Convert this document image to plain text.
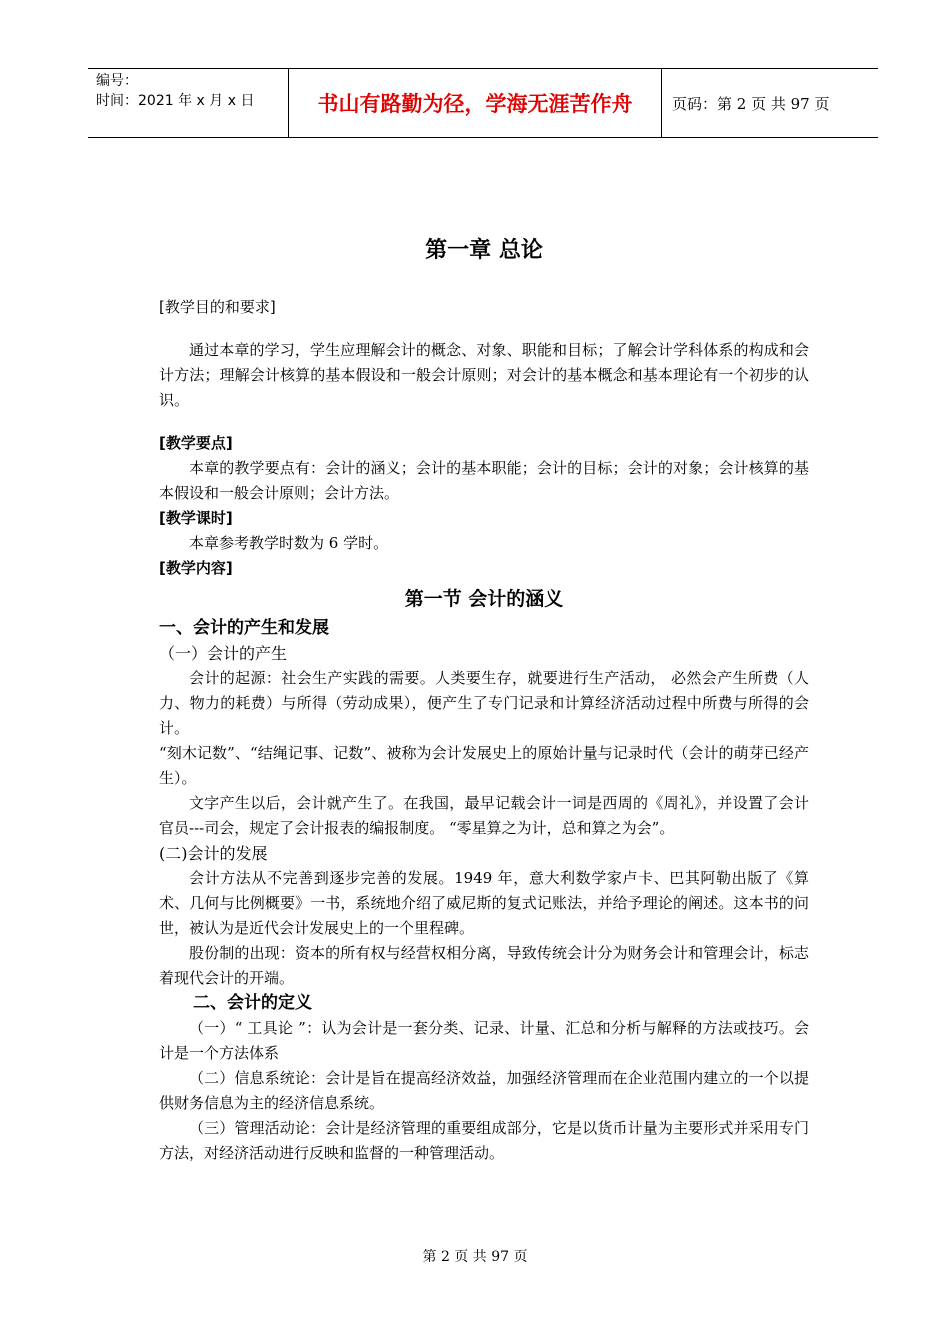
编号：
时间：2021 年 x 月 x 日	书山有路勤为径，学海无涯苦作舟	页码：第 2 页 共 97 页
第一章 总论

[教学目的和要求]

通过本章的学习，学生应理解会计的概念、对象、职能和目标；了解会计学科体系的构成和会计方法；理解会计核算的基本假设和一般会计原则；对会计的基本概念和基本理论有一个初步的认识。

[教学要点]

本章的教学要点有：会计的涵义；会计的基本职能；会计的目标；会计的对象；会计核算的基本假设和一般会计原则；会计方法。

[教学课时]

本章参考教学时数为 6 学时。

[教学内容]

第一节 会计的涵义

一、会计的产生和发展

（一）会计的产生

会计的起源：社会生产实践的需要。人类要生存，就要进行生产活动， 必然会产生所费（人力、物力的耗费）与所得（劳动成果），便产生了专门记录和计算经济活动过程中所费与所得的会计。

“刻木记数”、“结绳记事、记数”、被称为会计发展史上的原始计量与记录时代（会计的萌芽已经产生）。

文字产生以后，会计就产生了。在我国，最早记载会计一词是西周的《周礼》，并设置了会计官员---司会，规定了会计报表的编报制度。 “零星算之为计，总和算之为会”。

(二)会计的发展

会计方法从不完善到逐步完善的发展。1949 年，意大利数学家卢卡、巴其阿勒出版了《算术、几何与比例概要》一书，系统地介绍了威尼斯的复式记账法，并给予理论的阐述。这本书的问世，被认为是近代会计发展史上的一个里程碑。

股份制的出现：资本的所有权与经营权相分离，导致传统会计分为财务会计和管理会计，标志着现代会计的开端。

二、会计的定义

（一）“ 工具论 ”：认为会计是一套分类、记录、计量、汇总和分析与解释的方法或技巧。会计是一个方法体系

（二）信息系统论：会计是旨在提高经济效益，加强经济管理而在企业范围内建立的一个以提供财务信息为主的经济信息系统。

（三）管理活动论：会计是经济管理的重要组成部分，它是以货币计量为主要形式并采用专门方法，对经济活动进行反映和监督的一种管理活动。

第 2 页 共 97 页
